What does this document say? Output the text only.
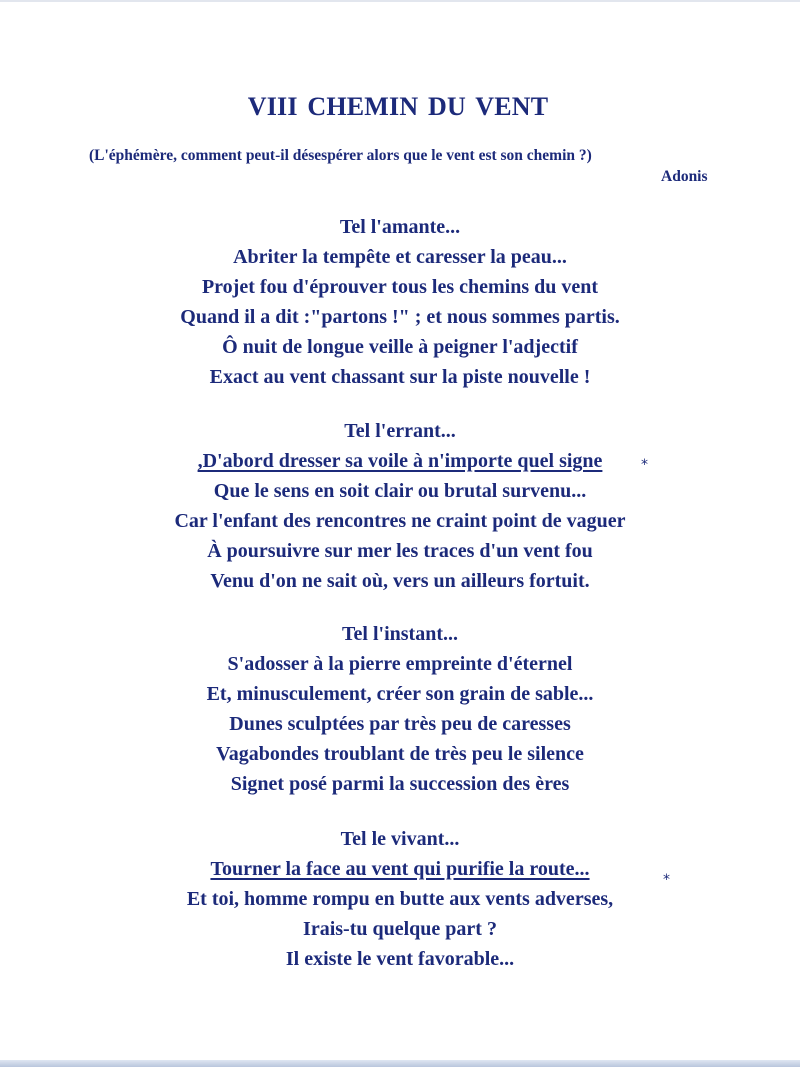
VIII CHEMIN DU VENT
(L'éphémère, comment peut-il désespérer alors que le vent est son chemin ?)
Adonis
Tel l'amante...
Abriter la tempête et caresser la peau...
Projet fou d'éprouver tous les chemins du vent
Quand il a dit :"partons !" ; et nous sommes partis.
Ô nuit de longue veille à peigner l'adjectif
Exact au vent chassant sur la piste nouvelle !
Tel l'errant...
,D'abord dresser sa voile à n'importe quel signe
Que le sens en soit clair ou brutal survenu...
Car l'enfant des rencontres ne craint point de vaguer
À poursuivre sur mer les traces d'un vent fou
Venu d'on ne sait où, vers un ailleurs fortuit.
Tel l'instant...
S'adosser à la pierre empreinte d'éternel
Et, minusculement, créer son grain de sable...
Dunes sculptées par très peu de caresses
Vagabondes troublant de très peu le silence
Signet posé parmi la succession des ères
Tel le vivant...
Tourner la face au vent qui purifie la route...
Et toi, homme rompu en butte aux vents adverses,
Irais-tu quelque part ?
Il existe le vent favorable...
*
*
